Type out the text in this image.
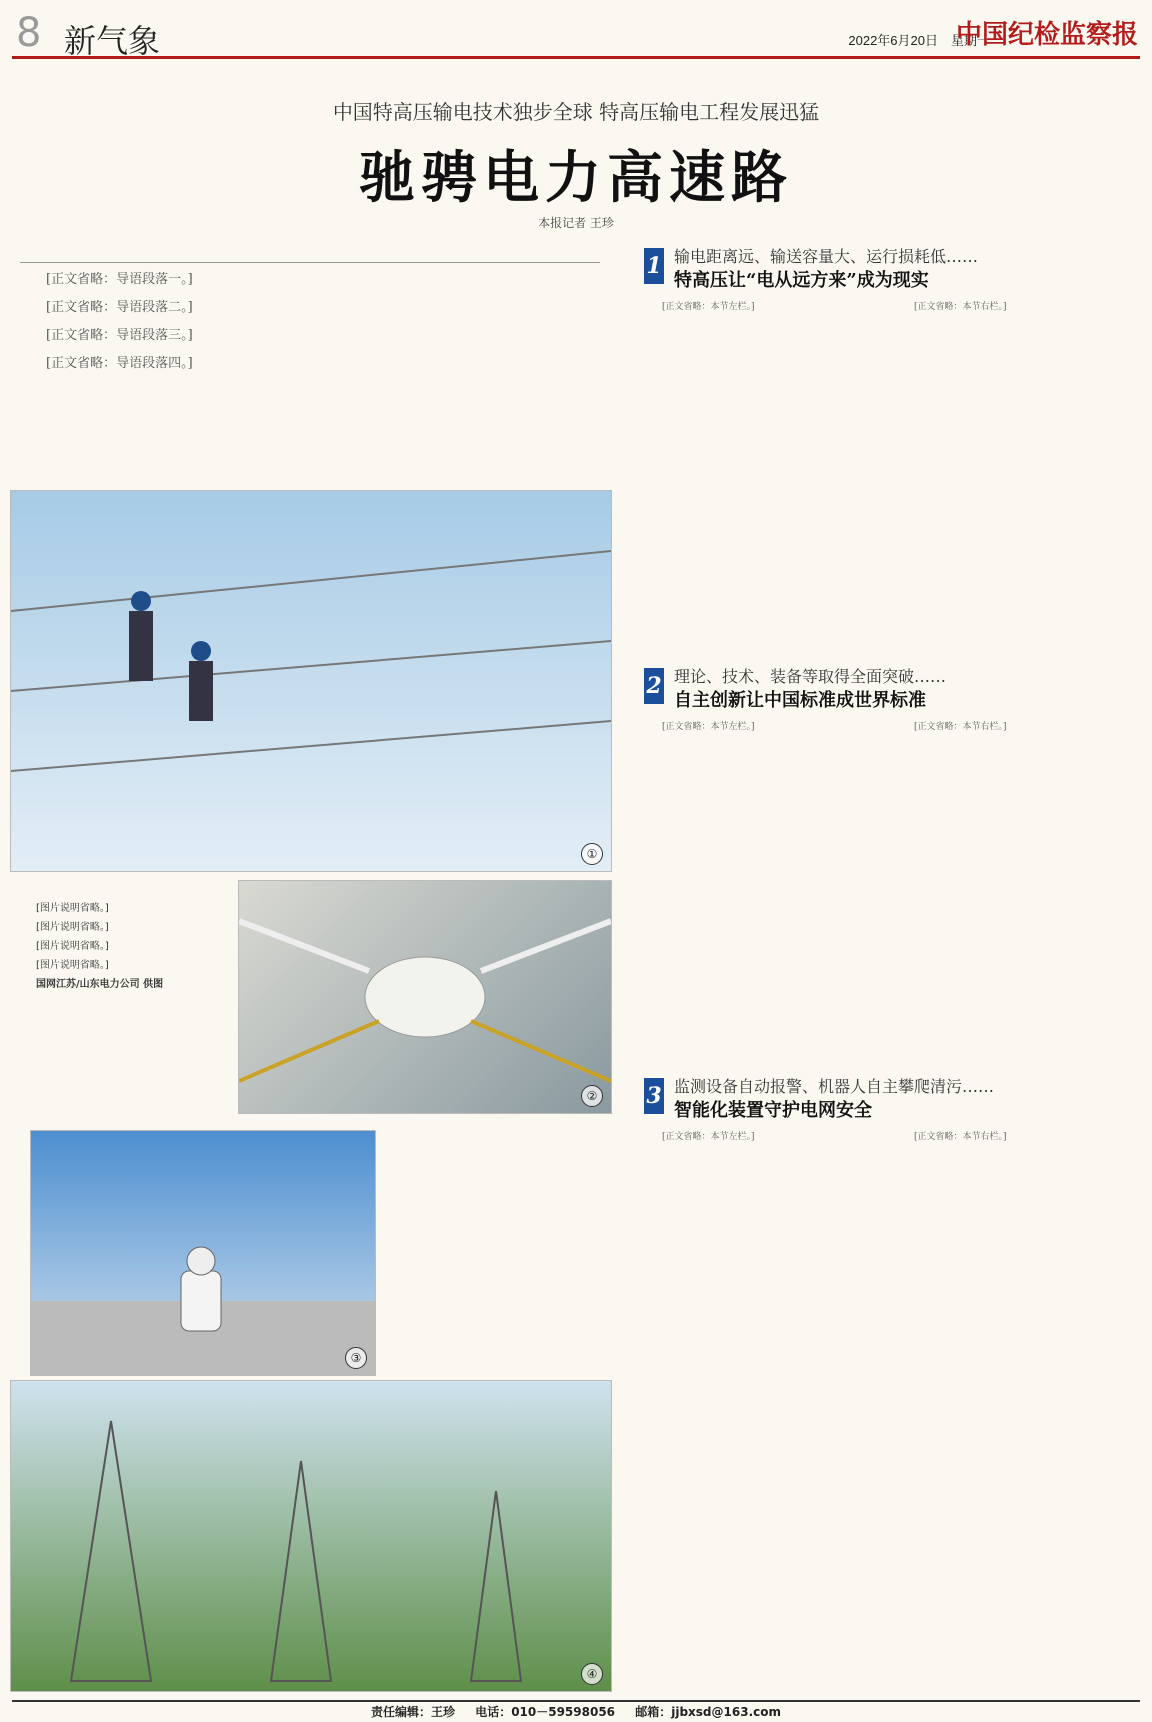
8 新气象	2022年6月20日　星期一
中国纪检监察报
中国特高压输电技术独步全球 特高压输电工程发展迅猛
驰骋电力高速路
本报记者 王珍

[正文省略：导语段落一。]

[正文省略：导语段落二。]

[正文省略：导语段落三。]

[正文省略：导语段落四。]

①
②

[图片说明省略。]

[图片说明省略。]

[图片说明省略。]

[图片说明省略。]

国网江苏/山东电力公司 供图

③
④
1 输电距离远、输送容量大、运行损耗低……
特高压让“电从远方来”成为现实

[正文省略：本节左栏。]	[正文省略：本节右栏。]

2 理论、技术、装备等取得全面突破……
自主创新让中国标准成世界标准

[正文省略：本节左栏。]	[正文省略：本节右栏。]

3 监测设备自动报警、机器人自主攀爬清污……
智能化装置守护电网安全

[正文省略：本节左栏。]	[正文省略：本节右栏。]

责任编辑：王珍 电话：010－59598056 邮箱：jjbxsd@163.com
